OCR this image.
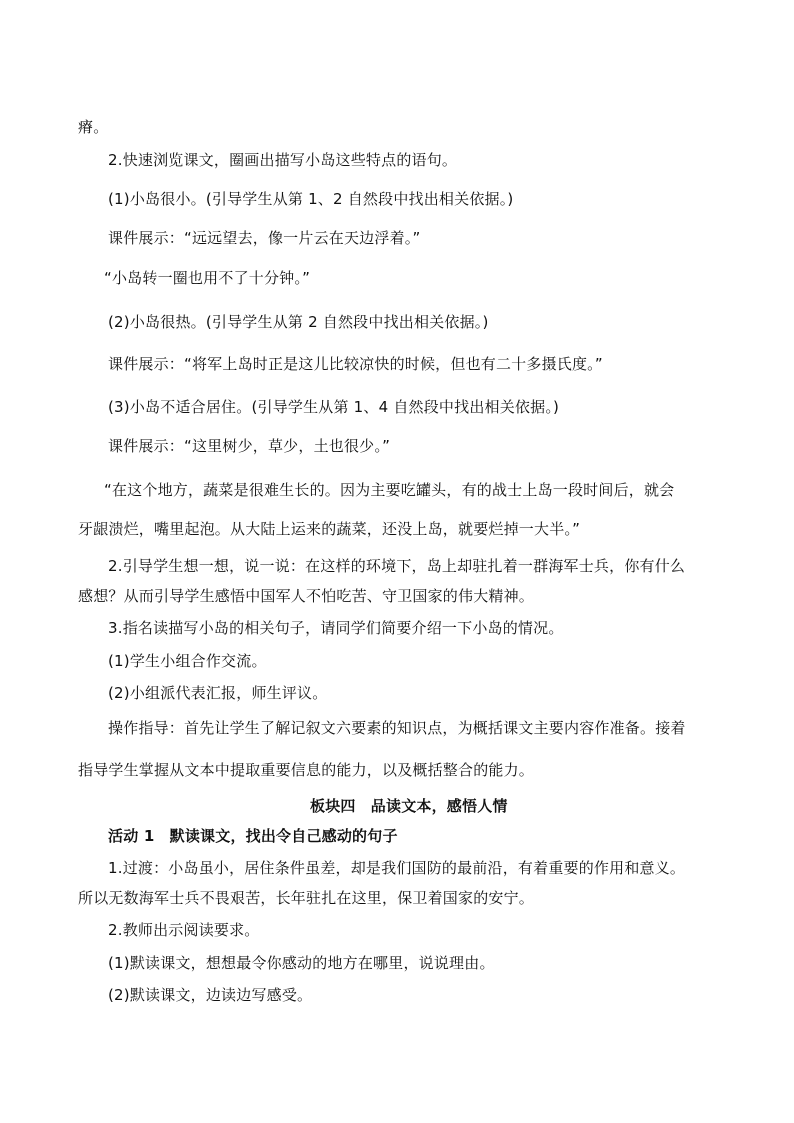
瘠。
2.快速浏览课文，圈画出描写小岛这些特点的语句。
(1)小岛很小。(引导学生从第 1、2 自然段中找出相关依据。)
课件展示：“远远望去，像一片云在天边浮着。”
“小岛转一圈也用不了十分钟。”
(2)小岛很热。(引导学生从第 2 自然段中找出相关依据。)
课件展示：“将军上岛时正是这儿比较凉快的时候，但也有二十多摄氏度。”
(3)小岛不适合居住。(引导学生从第 1、4 自然段中找出相关依据。)
课件展示：“这里树少，草少，土也很少。”
“在这个地方，蔬菜是很难生长的。因为主要吃罐头，有的战士上岛一段时间后，就会
牙龈溃烂，嘴里起泡。从大陆上运来的蔬菜，还没上岛，就要烂掉一大半。”
2.引导学生想一想，说一说：在这样的环境下，岛上却驻扎着一群海军士兵，你有什么
感想？从而引导学生感悟中国军人不怕吃苦、守卫国家的伟大精神。
3.指名读描写小岛的相关句子，请同学们简要介绍一下小岛的情况。
(1)学生小组合作交流。
(2)小组派代表汇报，师生评议。
操作指导：首先让学生了解记叙文六要素的知识点，为概括课文主要内容作准备。接着
指导学生掌握从文本中提取重要信息的能力，以及概括整合的能力。
板块四　品读文本，感悟人情
活动 1　默读课文，找出令自己感动的句子
1.过渡：小岛虽小，居住条件虽差，却是我们国防的最前沿，有着重要的作用和意义。
所以无数海军士兵不畏艰苦，长年驻扎在这里，保卫着国家的安宁。
2.教师出示阅读要求。
(1)默读课文，想想最令你感动的地方在哪里，说说理由。
(2)默读课文，边读边写感受。
